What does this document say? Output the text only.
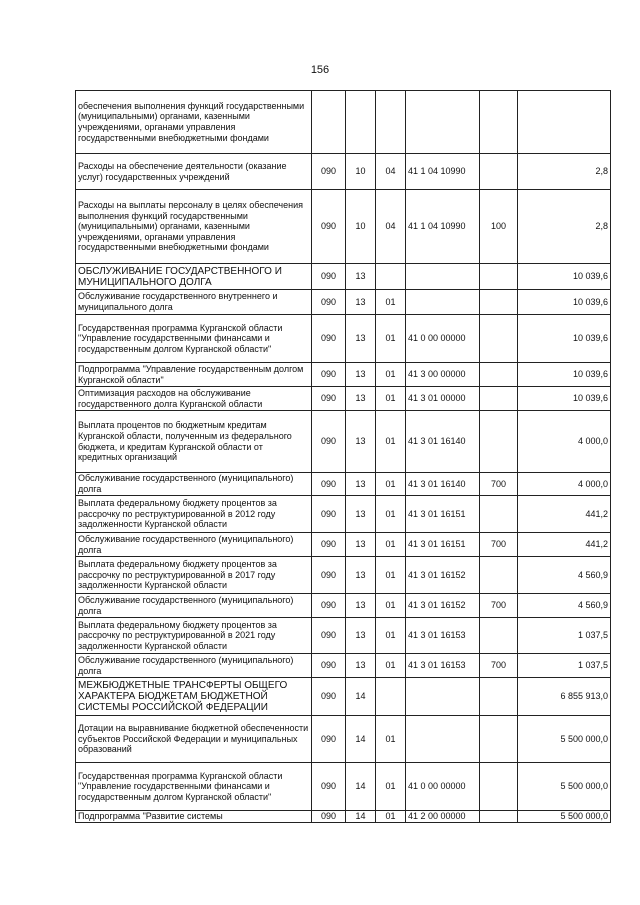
156
обеспечения выполнения функций государственными (муниципальными) органами, казенными учреждениями, органами управления государственными внебюджетными фондами						
Расходы на обеспечение деятельности (оказание услуг) государственных учреждений	090	10	04	41 1 04 10990		2,8
Расходы на выплаты персоналу в целях обеспечения выполнения функций государственными (муниципальными) органами, казенными учреждениями, органами управления государственными внебюджетными фондами	090	10	04	41 1 04 10990	100	2,8
ОБСЛУЖИВАНИЕ ГОСУДАРСТВЕННОГО И МУНИЦИПАЛЬНОГО ДОЛГА	090	13				10 039,6
Обслуживание государственного внутреннего и муниципального долга	090	13	01			10 039,6
Государственная программа Курганской области "Управление государственными финансами и государственным долгом Курганской области"	090	13	01	41 0 00 00000		10 039,6
Подпрограмма "Управление государственным долгом Курганской области"	090	13	01	41 3 00 00000		10 039,6
Оптимизация расходов на обслуживание государственного долга Курганской области	090	13	01	41 3 01 00000		10 039,6
Выплата процентов по бюджетным кредитам Курганской области, полученным из федерального бюджета, и кредитам Курганской области от кредитных организаций	090	13	01	41 3 01 16140		4 000,0
Обслуживание государственного (муниципального) долга	090	13	01	41 3 01 16140	700	4 000,0
Выплата федеральному бюджету процентов за рассрочку по реструктурированной в 2012 году задолженности Курганской области	090	13	01	41 3 01 16151		441,2
Обслуживание государственного (муниципального) долга	090	13	01	41 3 01 16151	700	441,2
Выплата федеральному бюджету процентов за рассрочку по реструктурированной в 2017 году задолженности Курганской области	090	13	01	41 3 01 16152		4 560,9
Обслуживание государственного (муниципального) долга	090	13	01	41 3 01 16152	700	4 560,9
Выплата федеральному бюджету процентов за рассрочку по реструктурированной в 2021 году задолженности Курганской области	090	13	01	41 3 01 16153		1 037,5
Обслуживание государственного (муниципального) долга	090	13	01	41 3 01 16153	700	1 037,5
МЕЖБЮДЖЕТНЫЕ ТРАНСФЕРТЫ ОБЩЕГО ХАРАКТЕРА БЮДЖЕТАМ БЮДЖЕТНОЙ СИСТЕМЫ РОССИЙСКОЙ ФЕДЕРАЦИИ	090	14				6 855 913,0
Дотации на выравнивание бюджетной обеспеченности субъектов Российской Федерации и муниципальных образований	090	14	01			5 500 000,0
Государственная программа Курганской области "Управление государственными финансами и государственным долгом Курганской области"	090	14	01	41 0 00 00000		5 500 000,0
Подпрограмма "Развитие системы	090	14	01	41 2 00 00000		5 500 000,0
